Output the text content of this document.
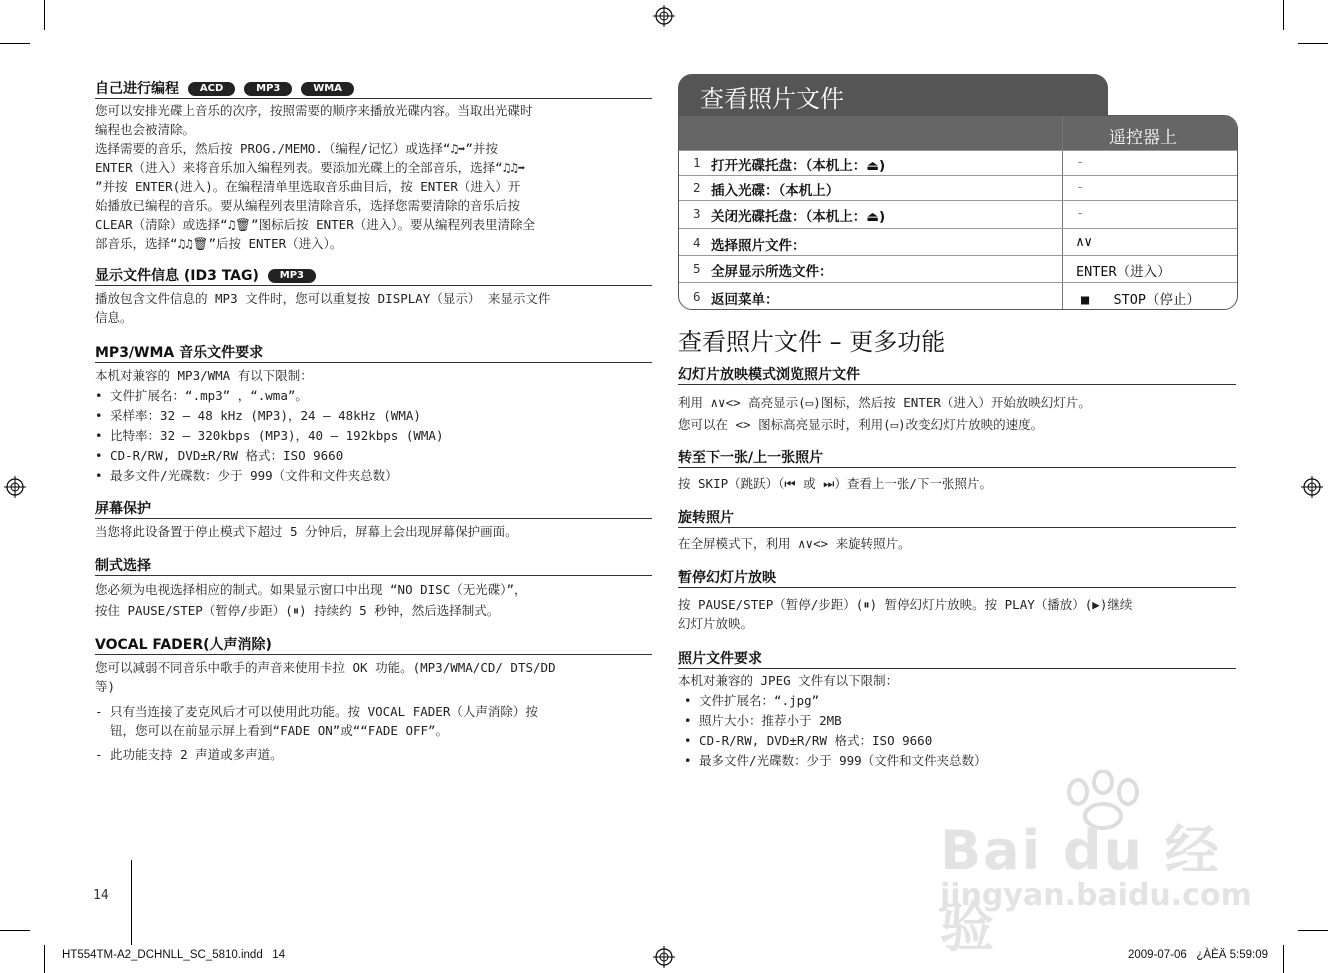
自己进行编程 ACD	MP3	WMA
您可以安排光碟上音乐的次序，按照需要的顺序来播放光碟内容。当取出光碟时
编程也会被清除。
选择需要的音乐，然后按 PROG./MEMO.（编程/记忆）或选择“♫➡”并按
ENTER（进入）来将音乐加入编程列表。要添加光碟上的全部音乐，选择“♫♫➡
”并按 ENTER(进入)。在编程清单里选取音乐曲目后，按 ENTER（进入）开
始播放已编程的音乐。要从编程列表里清除音乐，选择您需要清除的音乐后按
CLEAR（清除）或选择“♫🗑”图标后按 ENTER（进入）。要从编程列表里清除全
部音乐，选择“♫♫🗑”后按 ENTER（进入）。
显示文件信息 (ID3 TAG) MP3
播放包含文件信息的 MP3 文件时，您可以重复按 DISPLAY（显示） 来显示文件
信息。
MP3/WMA 音乐文件要求
本机对兼容的 MP3/WMA 有以下限制：
• 文件扩展名：“.mp3” ，“.wma”。
• 采样率：32 – 48 kHz (MP3)，24 – 48kHz (WMA)
• 比特率：32 – 320kbps (MP3)，40 – 192kbps (WMA)
• CD-R/RW, DVD±R/RW 格式：ISO 9660
• 最多文件/光碟数：少于 999（文件和文件夹总数）
屏幕保护
当您将此设备置于停止模式下超过 5 分钟后，屏幕上会出现屏幕保护画面。
制式选择
您必须为电视选择相应的制式。如果显示窗口中出现 “NO DISC（无光碟）”，
按住 PAUSE/STEP（暂停/步距）(⏸) 持续约 5 秒钟，然后选择制式。
VOCAL FADER(人声消除)
您可以减弱不同音乐中歌手的声音来使用卡拉 OK 功能。(MP3/WMA/CD/ DTS/DD
等)
- 只有当连接了麦克风后才可以使用此功能。按 VOCAL FADER（人声消除）按
钮，您可以在前显示屏上看到“FADE ON”或““FADE OFF”。
- 此功能支持 2 声道或多声道。
14
查看照片文件
遥控器上
1 打开光碟托盘：（本机上：⏏)	-
2 插入光碟：（本机上）	-
3 关闭光碟托盘：（本机上：⏏)	-
4 选择照片文件：	∧∨
5 全屏显示所选文件：	ENTER（进入）
6 返回菜单：	■   STOP（停止）
查看照片文件 – 更多功能
幻灯片放映模式浏览照片文件
利用 ∧∨<> 高亮显示(▭)图标，然后按 ENTER（进入）开始放映幻灯片。
您可以在 <> 图标高亮显示时，利用(▭)改变幻灯片放映的速度。
转至下一张/上一张照片
按 SKIP（跳跃）（⏮ 或 ⏭）查看上一张/下一张照片。
旋转照片
在全屏模式下，利用 ∧∨<> 来旋转照片。
暂停幻灯片放映
按 PAUSE/STEP（暂停/步距）(⏸) 暂停幻灯片放映。按 PLAY（播放）(▶)继续
幻灯片放映。
照片文件要求
本机对兼容的 JPEG 文件有以下限制：
• 文件扩展名：“.jpg”
• 照片大小：推荐小于 2MB
• CD-R/RW, DVD±R/RW 格式：ISO 9660
• 最多文件/光碟数：少于 999（文件和文件夹总数）
Bai du 经验
jingyan.baidu.com
HT554TM-A2_DCHNLL_SC_5810.indd   14	2009-07-06   ¿ÀÈÄ 5:59:09
